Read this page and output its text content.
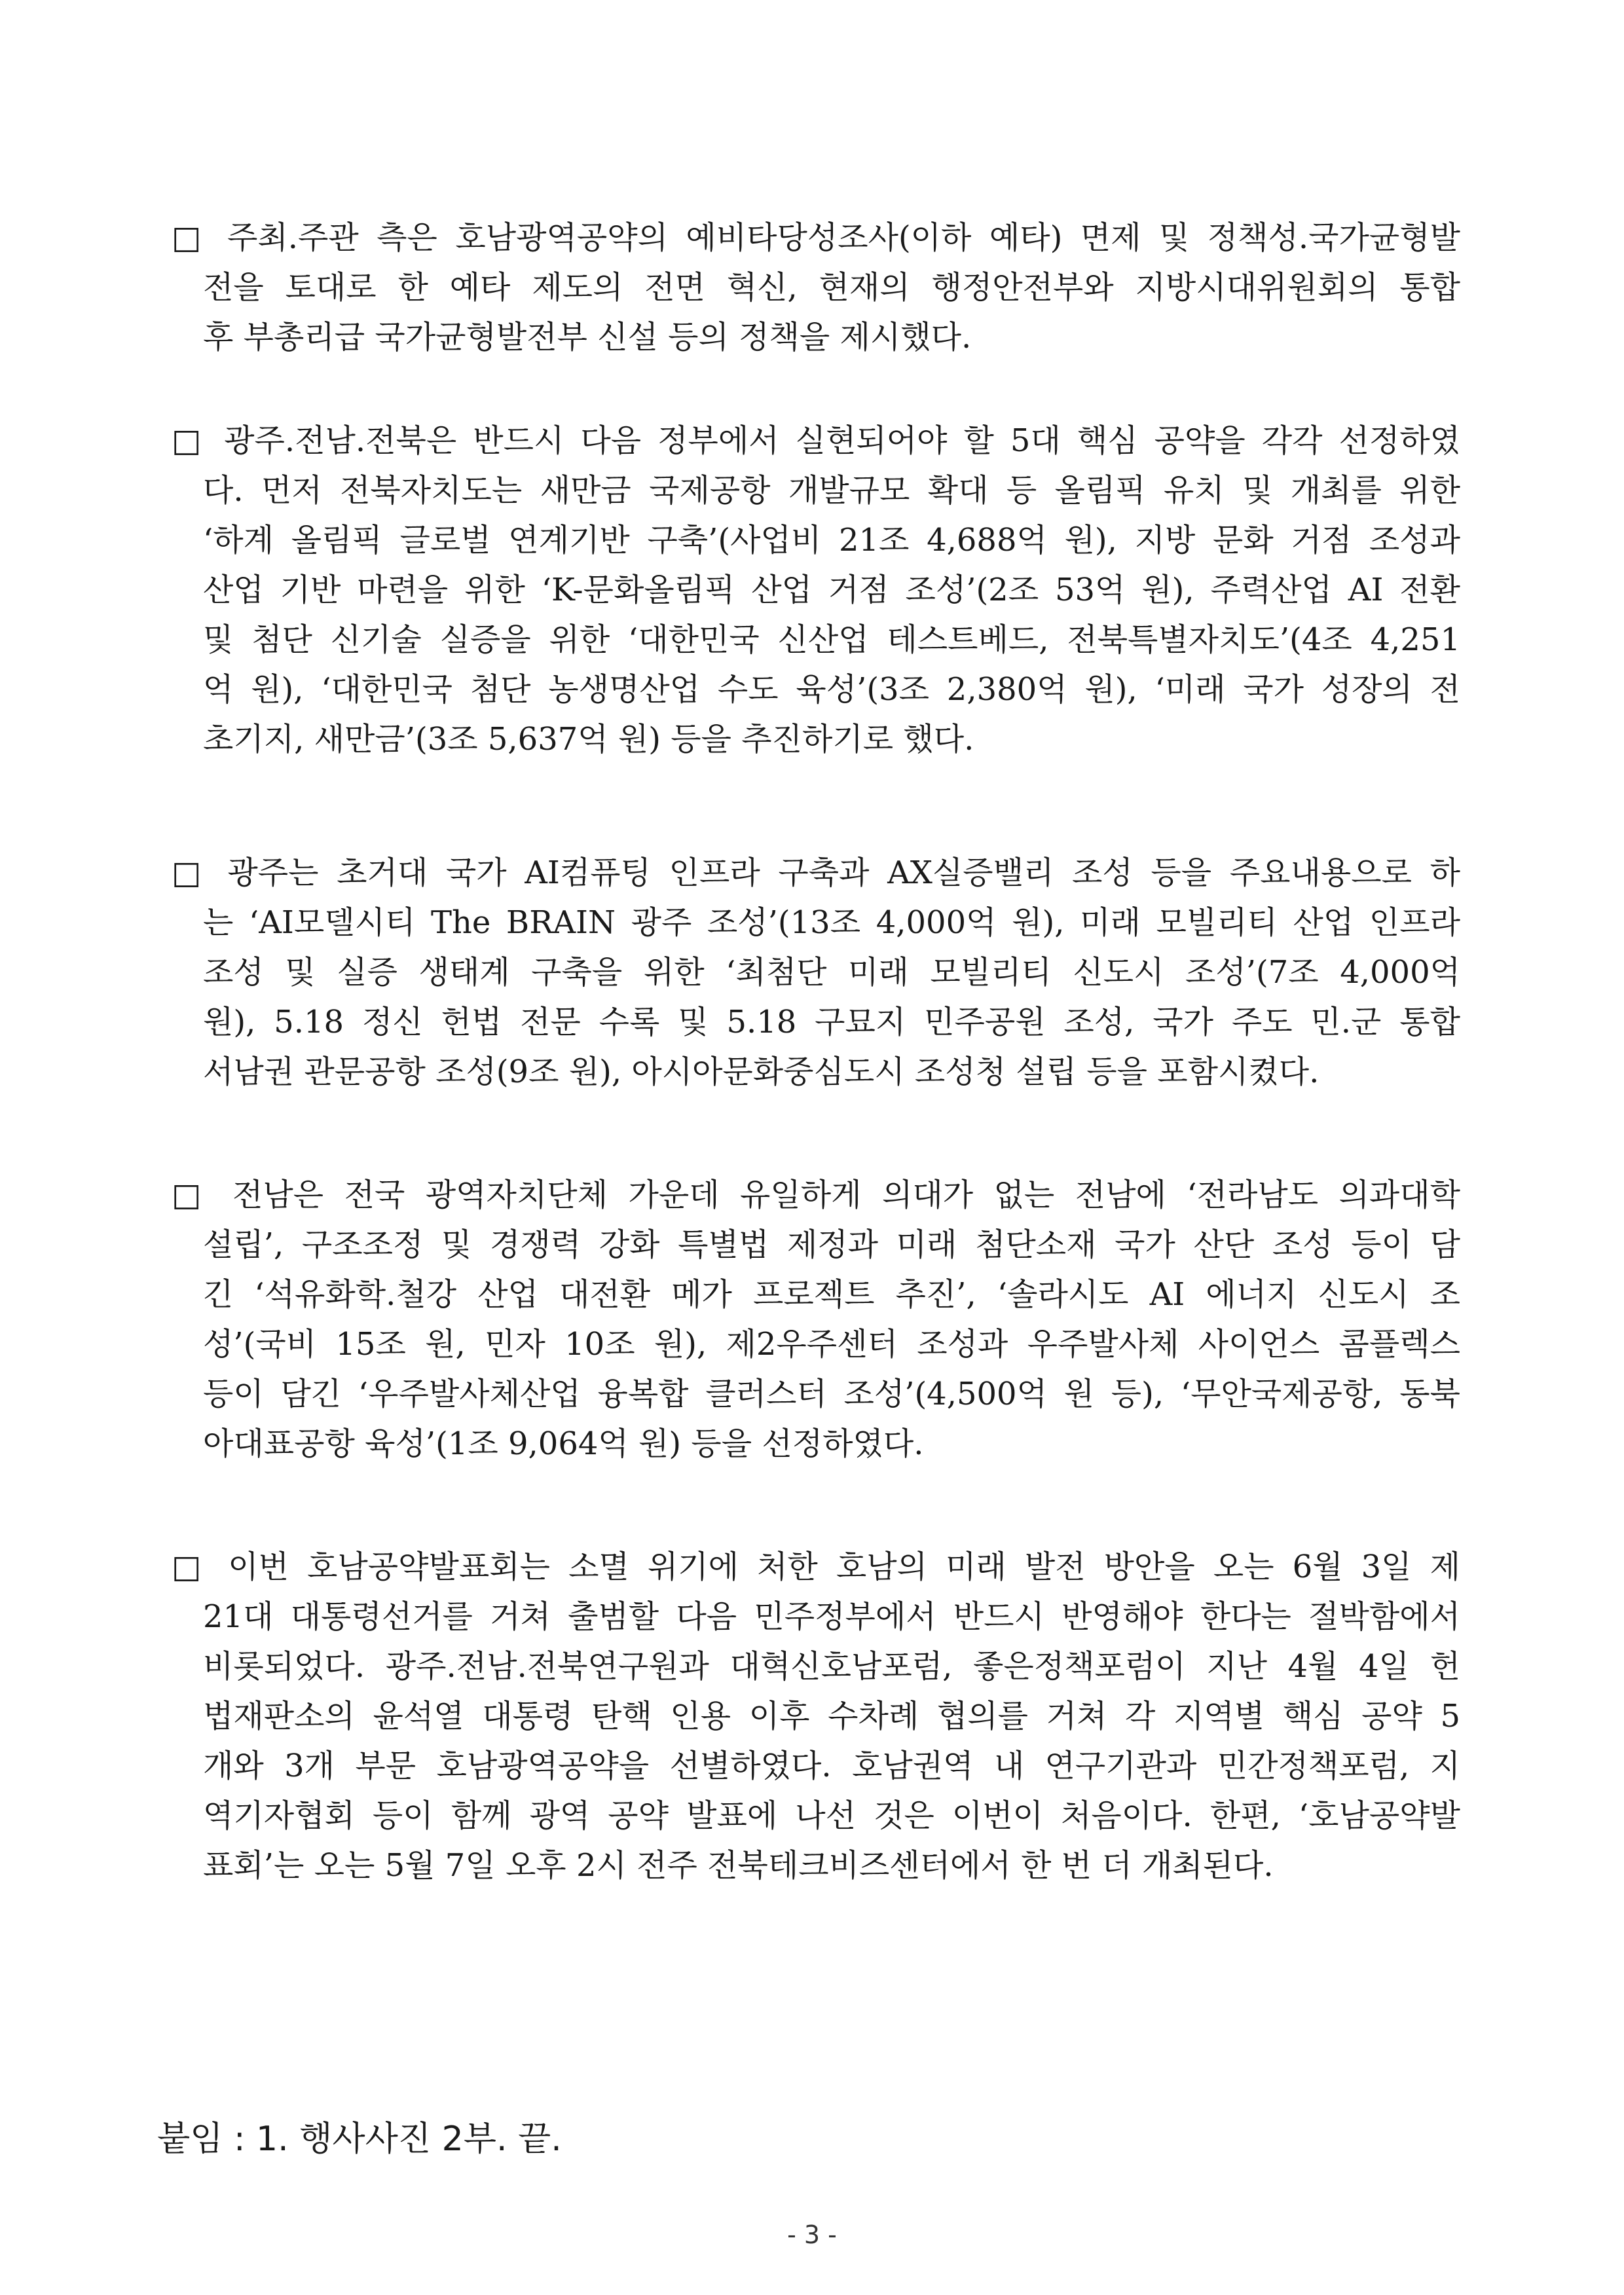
□ 주최.주관 측은 호남광역공약의 예비타당성조사(이하 예타) 면제 및 정책성.국가균형발
전을 토대로 한 예타 제도의 전면 혁신, 현재의 행정안전부와 지방시대위원회의 통합
후 부총리급 국가균형발전부 신설 등의 정책을 제시했다.
□ 광주.전남.전북은 반드시 다음 정부에서 실현되어야 할 5대 핵심 공약을 각각 선정하였
다. 먼저 전북자치도는 새만금 국제공항 개발규모 확대 등 올림픽 유치 및 개최를 위한
‘하계 올림픽 글로벌 연계기반 구축’(사업비 21조 4,688억 원), 지방 문화 거점 조성과
산업 기반 마련을 위한 ‘K-문화올림픽 산업 거점 조성’(2조 53억 원), 주력산업 AI 전환
및 첨단 신기술 실증을 위한 ‘대한민국 신산업 테스트베드, 전북특별자치도’(4조 4,251
억 원), ‘대한민국 첨단 농생명산업 수도 육성’(3조 2,380억 원), ‘미래 국가 성장의 전
초기지, 새만금’(3조 5,637억 원) 등을 추진하기로 했다.
□ 광주는 초거대 국가 AI컴퓨팅 인프라 구축과 AX실증밸리 조성 등을 주요내용으로 하
는 ‘AI모델시티 The BRAIN 광주 조성’(13조 4,000억 원), 미래 모빌리티 산업 인프라
조성 및 실증 생태계 구축을 위한 ‘최첨단 미래 모빌리티 신도시 조성’(7조 4,000억
원), 5.18 정신 헌법 전문 수록 및 5.18 구묘지 민주공원 조성, 국가 주도 민.군 통합
서남권 관문공항 조성(9조 원), 아시아문화중심도시 조성청 설립 등을 포함시켰다.
□ 전남은 전국 광역자치단체 가운데 유일하게 의대가 없는 전남에 ‘전라남도 의과대학
설립’, 구조조정 및 경쟁력 강화 특별법 제정과 미래 첨단소재 국가 산단 조성 등이 담
긴 ‘석유화학.철강 산업 대전환 메가 프로젝트 추진’, ‘솔라시도 AI 에너지 신도시 조
성’(국비 15조 원, 민자 10조 원), 제2우주센터 조성과 우주발사체 사이언스 콤플렉스
등이 담긴 ‘우주발사체산업 융복합 클러스터 조성’(4,500억 원 등), ‘무안국제공항, 동북
아대표공항 육성’(1조 9,064억 원) 등을 선정하였다.
□ 이번 호남공약발표회는 소멸 위기에 처한 호남의 미래 발전 방안을 오는 6월 3일 제
21대 대통령선거를 거쳐 출범할 다음 민주정부에서 반드시 반영해야 한다는 절박함에서
비롯되었다. 광주.전남.전북연구원과 대혁신호남포럼, 좋은정책포럼이 지난 4월 4일 헌
법재판소의 윤석열 대통령 탄핵 인용 이후 수차례 협의를 거쳐 각 지역별 핵심 공약 5
개와 3개 부문 호남광역공약을 선별하였다. 호남권역 내 연구기관과 민간정책포럼, 지
역기자협회 등이 함께 광역 공약 발표에 나선 것은 이번이 처음이다. 한편, ‘호남공약발
표회’는 오는 5월 7일 오후 2시 전주 전북테크비즈센터에서 한 번 더 개최된다.
붙임 : 1. 행사사진 2부. 끝.
- 3 -
